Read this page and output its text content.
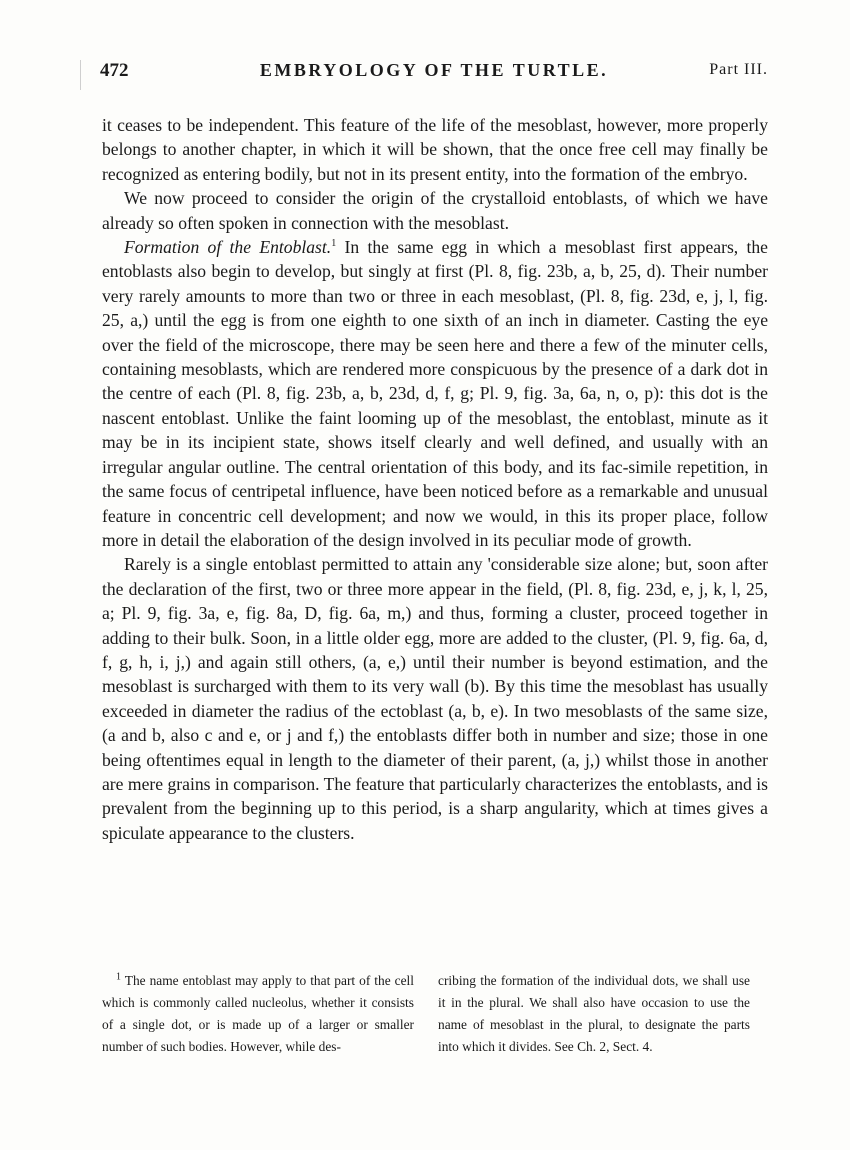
472	EMBRYOLOGY OF THE TURTLE.	Part III.

it ceases to be independent. This feature of the life of the mesoblast, however, more properly belongs to another chapter, in which it will be shown, that the once free cell may finally be recognized as entering bodily, but not in its present entity, into the formation of the embryo.

We now proceed to consider the origin of the crystalloid entoblasts, of which we have already so often spoken in connection with the mesoblast.

Formation of the Entoblast.$^1$ In the same egg in which a mesoblast first appears, the entoblasts also begin to develop, but singly at first (Pl. 8, fig. 23b, a, b, 25, d). Their number very rarely amounts to more than two or three in each mesoblast, (Pl. 8, fig. 23d, e, j, l, fig. 25, a,) until the egg is from one eighth to one sixth of an inch in diameter. Casting the eye over the field of the microscope, there may be seen here and there a few of the minuter cells, containing mesoblasts, which are rendered more conspicuous by the presence of a dark dot in the centre of each (Pl. 8, fig. 23b, a, b, 23d, d, f, g; Pl. 9, fig. 3a, 6a, n, o, p): this dot is the nascent entoblast. Unlike the faint looming up of the mesoblast, the entoblast, minute as it may be in its incipient state, shows itself clearly and well defined, and usually with an irregular angular outline. The central orientation of this body, and its fac-simile repetition, in the same focus of centripetal influence, have been noticed before as a remarkable and unusual feature in concentric cell development; and now we would, in this its proper place, follow more in detail the elaboration of the design involved in its peculiar mode of growth.

Rarely is a single entoblast permitted to attain any 'considerable size alone; but, soon after the declaration of the first, two or three more appear in the field, (Pl. 8, fig. 23d, e, j, k, l, 25, a; Pl. 9, fig. 3a, e, fig. 8a, D, fig. 6a, m,) and thus, forming a cluster, proceed together in adding to their bulk. Soon, in a little older egg, more are added to the cluster, (Pl. 9, fig. 6a, d, f, g, h, i, j,) and again still others, (a, e,) until their number is beyond estimation, and the mesoblast is surcharged with them to its very wall (b). By this time the mesoblast has usually exceeded in diameter the radius of the ectoblast (a, b, e). In two mesoblasts of the same size, (a and b, also c and e, or j and f,) the entoblasts differ both in number and size; those in one being oftentimes equal in length to the diameter of their parent, (a, j,) whilst those in another are mere grains in comparison. The feature that particularly characterizes the entoblasts, and is prevalent from the beginning up to this period, is a sharp angularity, which at times gives a spiculate appearance to the clusters.

$^1$ The name entoblast may apply to that part of the cell which is commonly called nucleolus, whether it consists of a single dot, or is made up of a larger or smaller number of such bodies. However, while des-

cribing the formation of the individual dots, we shall use it in the plural. We shall also have occasion to use the name of mesoblast in the plural, to designate the parts into which it divides. See Ch. 2, Sect. 4.
